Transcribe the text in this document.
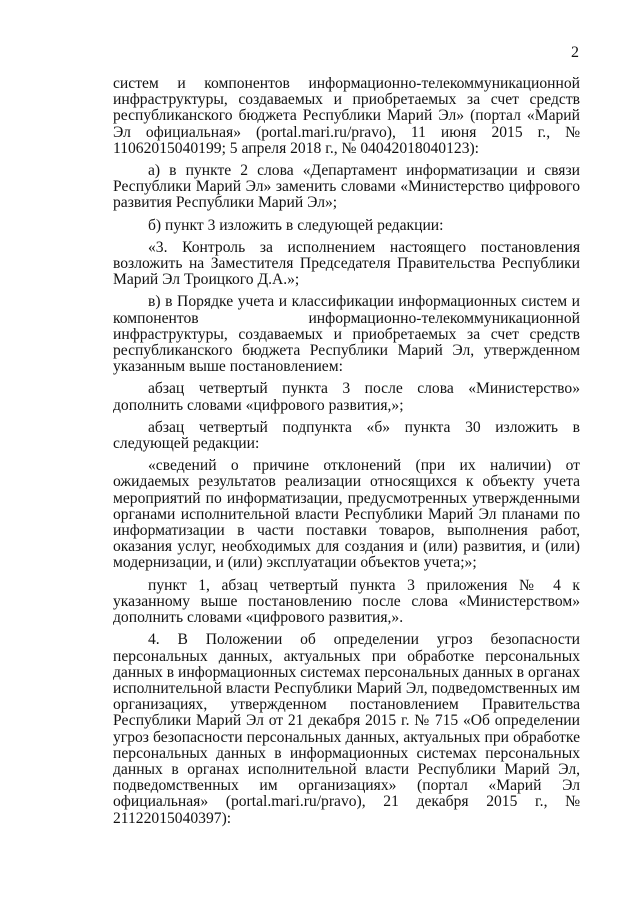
2

систем и компонентов информационно-телекоммуникационной инфраструктуры, создаваемых и приобретаемых за счет средств республиканского бюджета Республики Марий Эл» (портал «Марий Эл официальная» (portal.mari.ru/pravo), 11 июня 2015 г., № 11062015040199; 5 апреля 2018 г., № 04042018040123):

а) в пункте 2 слова «Департамент информатизации и связи Республики Марий Эл» заменить словами «Министерство цифрового развития Республики Марий Эл»;

б) пункт 3 изложить в следующей редакции:

«3. Контроль за исполнением настоящего постановления возложить на Заместителя Председателя Правительства Республики Марий Эл Троицкого Д.А.»;

в) в Порядке учета и классификации информационных систем и компонентов информационно-телекоммуникационной инфраструктуры, создаваемых и приобретаемых за счет средств республиканского бюджета Республики Марий Эл, утвержденном указанным выше постановлением:

абзац четвертый пункта 3 после слова «Министерство» дополнить словами «цифрового развития,»;

абзац четвертый подпункта «б» пункта 30 изложить в следующей редакции:

«сведений о причине отклонений (при их наличии) от ожидаемых результатов реализации относящихся к объекту учета мероприятий по информатизации, предусмотренных утвержденными органами исполнительной власти Республики Марий Эл планами по информатизации в части поставки товаров, выполнения работ, оказания услуг, необходимых для создания и (или) развития, и (или) модернизации, и (или) эксплуатации объектов учета;»;

пункт 1, абзац четвертый пункта 3 приложения № 4 к указанному выше постановлению после слова «Министерством» дополнить словами «цифрового развития,».

4. В Положении об определении угроз безопасности персональных данных, актуальных при обработке персональных данных в информационных системах персональных данных в органах исполнительной власти Республики Марий Эл, подведомственных им организациях, утвержденном постановлением Правительства Республики Марий Эл от 21 декабря 2015 г. № 715 «Об определении угроз безопасности персональных данных, актуальных при обработке персональных данных в информационных системах персональных данных в органах исполнительной власти Республики Марий Эл, подведомственных им организациях» (портал «Марий Эл официальная» (portal.mari.ru/pravo), 21 декабря 2015 г., № 21122015040397):
